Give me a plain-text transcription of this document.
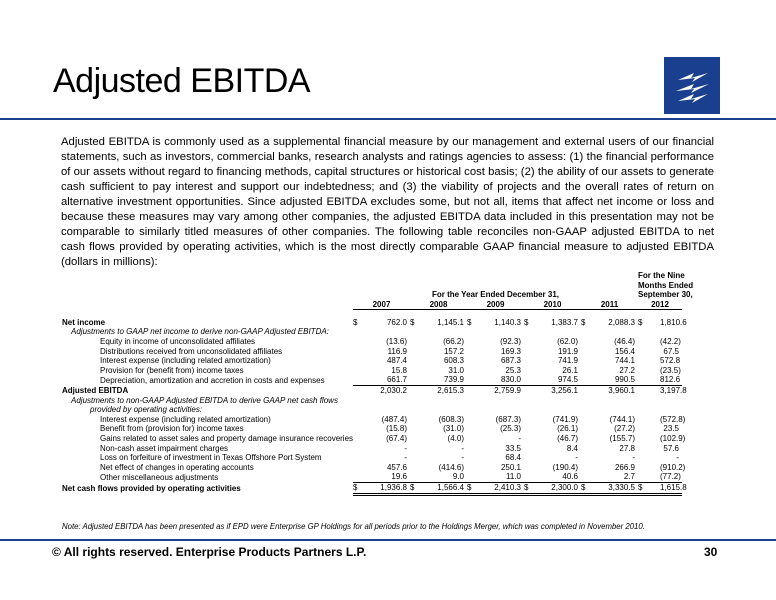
Adjusted EBITDA
Adjusted EBITDA is commonly used as a supplemental financial measure by our management and external users of our financial statements, such as investors, commercial banks, research analysts and ratings agencies to assess: (1) the financial performance of our assets without regard to financing methods, capital structures or historical cost basis; (2) the ability of our assets to generate cash sufficient to pay interest and support our indebtedness; and (3) the viability of projects and the overall rates of return on alternative investment opportunities. Since adjusted EBITDA excludes some, but not all, items that affect net income or loss and because these measures may vary among other companies, the adjusted EBITDA data included in this presentation may not be comparable to similarly titled measures of other companies. The following table reconciles non-GAAP adjusted EBITDA to net cash flows provided by operating activities, which is the most directly comparable GAAP financial measure to adjusted EBITDA (dollars in millions):
											For the Nine	
											Months Ended	
	For the Year Ended December 31,										September 30,	
	2007		2008		2009		2010		2011		2012	

Net income	$	762.0	$	1,145.1	$	1,140.3	$	1,383.7	$	2,088.3	$	1,810.6
Adjustments to GAAP net income to derive non-GAAP Adjusted EBITDA:												
Equity in income of unconsolidated affiliates		(13.6)		(66.2)		(92.3)		(62.0)		(46.4)		(42.2)
Distributions received from unconsolidated affiliates		116.9		157.2		169.3		191.9		156.4		67.5
Interest expense (including related amortization)		487.4		608.3		687.3		741.9		744.1		572.8
Provision for (benefit from) income taxes		15.8		31.0		25.3		26.1		27.2		(23.5)
Depreciation, amortization and accretion in costs and expenses		661.7		739.9		830.0		974.5		990.5		812.6
Adjusted EBITDA		2,030.2		2,615.3		2,759.9		3,256.1		3,960.1		3,197.8
Adjustments to non-GAAP Adjusted EBITDA to derive GAAP net cash flows												
provided by operating activities:												
Interest expense (including related amortization)		(487.4)		(608.3)		(687.3)		(741.9)		(744.1)		(572.8)
Benefit from (provision for) income taxes		(15.8)		(31.0)		(25.3)		(26.1)		(27.2)		23.5
Gains related to asset sales and property damage insurance recoveries		(67.4)		(4.0)		-		(46.7)		(155.7)		(102.9)
Non-cash asset impairment charges		-		-		33.5		8.4		27.8		57.6
Loss on forfeiture of investment in Texas Offshore Port System		-		-		68.4		-		-		-
Net effect of changes in operating accounts		457.6		(414.6)		250.1		(190.4)		266.9		(910.2)
Other miscellaneous adjustments		19.6		9.0		11.0		40.6		2.7		(77.2)
Net cash flows provided by operating activities	$	1,936.8	$	1,566.4	$	2,410.3	$	2,300.0	$	3,330.5	$	1,615.8
Note: Adjusted EBITDA has been presented as if EPD were Enterprise GP Holdings for all periods prior to the Holdings Merger, which was completed in November 2010.
© All rights reserved. Enterprise Products Partners L.P.	30
